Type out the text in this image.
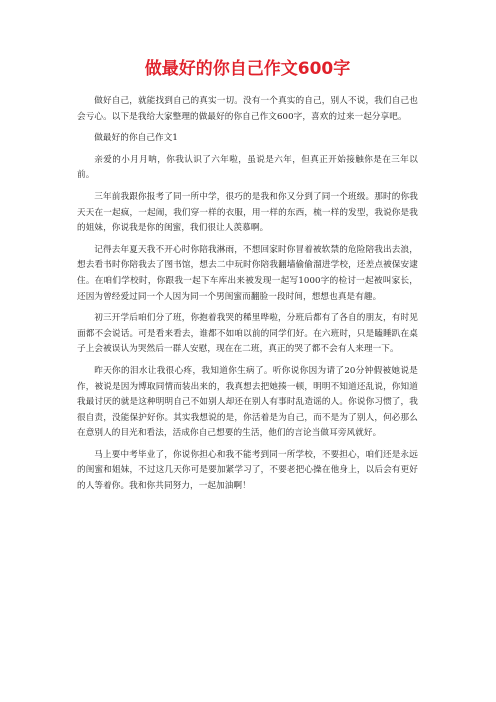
做最好的你自己作文600字

做好自己，就能找到自己的真实一切。没有一个真实的自己，别人不说，我们自己也会亏心。以下是我给大家整理的做最好的你自己作文600字，喜欢的过来一起分享吧。

做最好的你自己作文1

亲爱的小月月呐，你我认识了六年啦，虽说是六年，但真正开始接触你是在三年以前。

三年前我跟你报考了同一所中学，很巧的是我和你又分到了同一个班级。那时的你我天天在一起疯，一起闹，我们穿一样的衣服，用一样的东西，梳一样的发型，我说你是我的姐妹，你说我是你的闺蜜，我们很让人羡慕啊。

记得去年夏天我不开心时你陪我淋雨，不想回家时你冒着被软禁的危险陪我出去浪，想去看书时你陪我去了图书馆，想去二中玩时你陪我翻墙偷偷溜进学校，还差点被保安逮住。在咱们学校时，你跟我一起下车库出来被发现一起写1000字的检讨一起被叫家长，还因为曾经爱过同一个人因为同一个男闺蜜而翻脸一段时间，想想也真是有趣。

初三开学后咱们分了班，你抱着我哭的稀里哗啦，分班后都有了各自的朋友，有时见面都不会说话。可是看来看去，谁都不如咱以前的同学们好。在六班时，只是瞌睡趴在桌子上会被误认为哭然后一群人安慰，现在在二班，真正的哭了都不会有人来理一下。

昨天你的泪水让我很心疼，我知道你生病了。听你说你因为请了20分钟假被她说是作，被说是因为博取同情而装出来的，我真想去把她揍一顿，明明不知道还乱说，你知道我最讨厌的就是这种明明自己不如别人却还在别人有事时乱造谣的人。你说你习惯了，我很自责，没能保护好你。其实我想说的是，你活着是为自己，而不是为了别人，何必那么在意别人的目光和看法，活成你自己想要的生活，他们的言论当做耳旁风就好。

马上要中考毕业了，你说你担心和我不能考到同一所学校，不要担心，咱们还是永远的闺蜜和姐妹，不过这几天你可是要加紧学习了，不要老把心操在他身上，以后会有更好的人等着你。我和你共同努力，一起加油啊！
